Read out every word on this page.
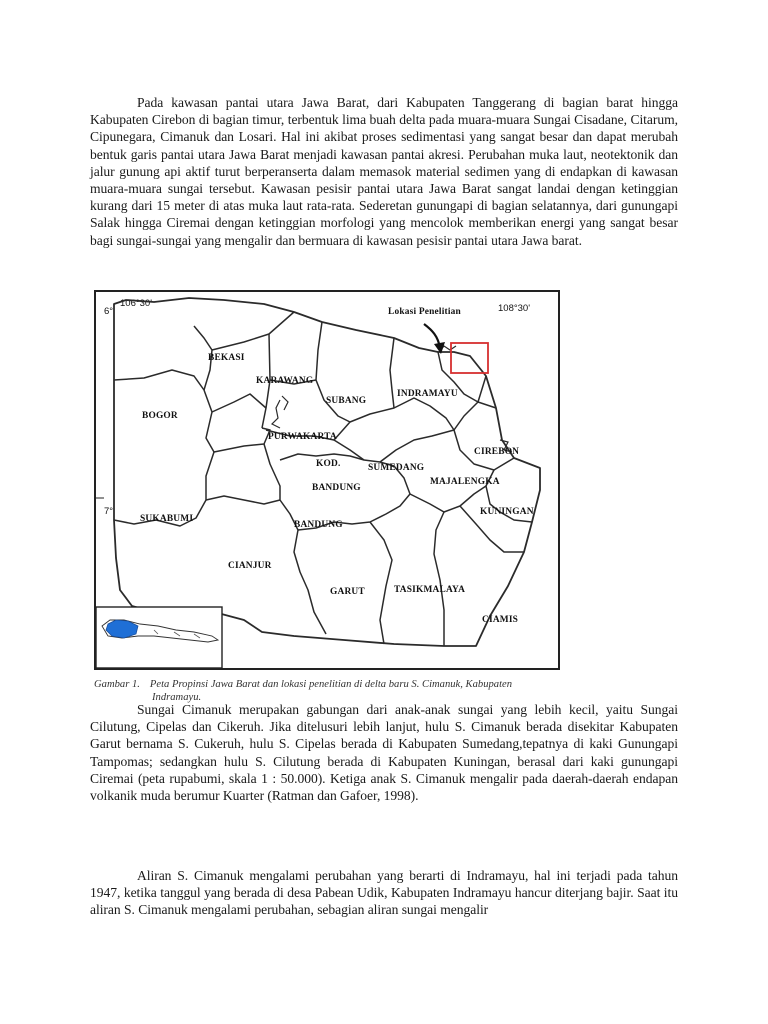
Pada kawasan pantai utara Jawa Barat, dari Kabupaten Tanggerang di bagian barat hingga Kabupaten Cirebon di bagian timur, terbentuk lima buah delta pada muara-muara Sungai Cisadane, Citarum, Cipunegara, Cimanuk dan Losari. Hal ini akibat proses sedimentasi yang sangat besar dan dapat merubah bentuk garis pantai utara Jawa Barat menjadi kawasan pantai akresi. Perubahan muka laut, neotektonik dan jalur gunung api aktif turut berperanserta dalam memasok material sedimen yang di endapkan di kawasan muara-muara sungai tersebut. Kawasan pesisir pantai utara Jawa Barat sangat landai dengan ketinggian kurang dari 15 meter di atas muka laut rata-rata. Sederetan gunungapi di bagian selatannya, dari gunungapi Salak hingga Ciremai dengan ketinggian morfologi yang mencolok memberikan energi yang sangat besar bagi sungai-sungai yang mengalir dan bermuara di kawasan pesisir pantai utara Jawa barat.

6°
106°30'	108°30'
7°
Lokasi Penelitian
BEKASI
KARAWANG
BOGOR
SUBANG
INDRAMAYU
PURWAKARTA
CIREBON
KOD.
BANDUNG
SUMEDANG
MAJALENGKA
SUKABUMI
BANDUNG
KUNINGAN
CIANJUR
GARUT	TASIKMALAYA
CIAMIS

Gambar 1. Peta Propinsi Jawa Barat dan lokasi penelitian di delta baru S. Cimanuk, Kabupaten
Indramayu.

Sungai Cimanuk merupakan gabungan dari anak-anak sungai yang lebih kecil, yaitu Sungai Cilutung, Cipelas dan Cikeruh. Jika ditelusuri lebih lanjut, hulu S. Cimanuk berada disekitar Kabupaten Garut bernama S. Cukeruh, hulu S. Cipelas berada di Kabupaten Sumedang,tepatnya di kaki Gunungapi Tampomas; sedangkan hulu S. Cilutung berada di Kabupaten Kuningan, berasal dari kaki gunungapi Ciremai (peta rupabumi, skala 1 : 50.000). Ketiga anak S. Cimanuk mengalir pada daerah-daerah endapan volkanik muda berumur Kuarter (Ratman dan Gafoer, 1998).

Aliran S. Cimanuk mengalami perubahan yang berarti di Indramayu, hal ini terjadi pada tahun 1947, ketika tanggul yang berada di desa Pabean Udik, Kabupaten Indramayu hancur diterjang bajir. Saat itu aliran S. Cimanuk mengalami perubahan, sebagian aliran sungai mengalir
